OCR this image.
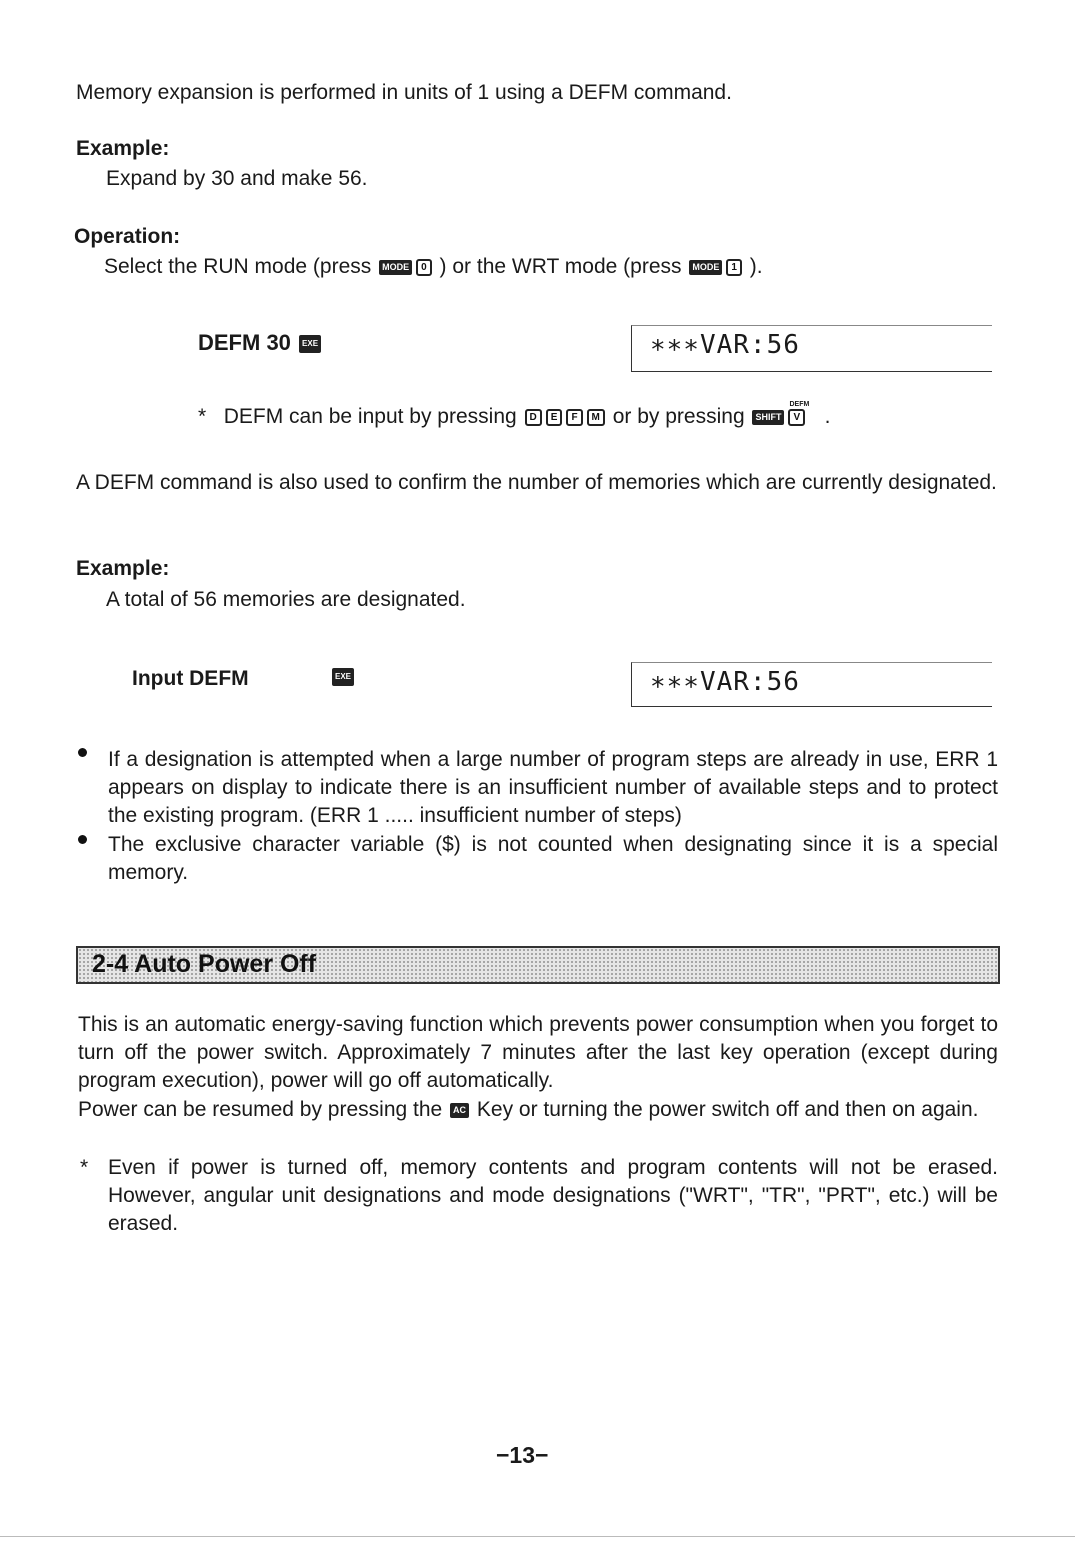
Memory expansion is performed in units of 1 using a DEFM command.
Example:
Expand by 30 and make 56.
Operation:
Select the RUN mode (press MODE 0 ) or the WRT mode (press MODE 1 ).
DEFM 30 EXE	∗∗∗VAR:56
* DEFM can be input by pressing D E F M or by pressing SHIFT
DEFM
V .
A DEFM command is also used to confirm the number of memories which are currently designated.
Example:
A total of 56 memories are designated.
Input DEFM	EXE	∗∗∗VAR:56
If a designation is attempted when a large number of program steps are already in use, ERR 1 appears on display to indicate there is an insufficient number of available steps and to protect the existing program. (ERR 1 ..... insufficient number of steps)
The exclusive character variable ($) is not counted when designating since it is a special memory.
2-4 Auto Power Off
This is an automatic energy-saving function which prevents power consumption when you forget to turn off the power switch. Approximately 7 minutes after the last key operation (except during program execution), power will go off automatically.
Power can be resumed by pressing the AC Key or turning the power switch off and then on again.
* Even if power is turned off, memory contents and program contents will not be erased. However, angular unit designations and mode designations ("WRT", "TR", "PRT", etc.) will be erased.
−13−
